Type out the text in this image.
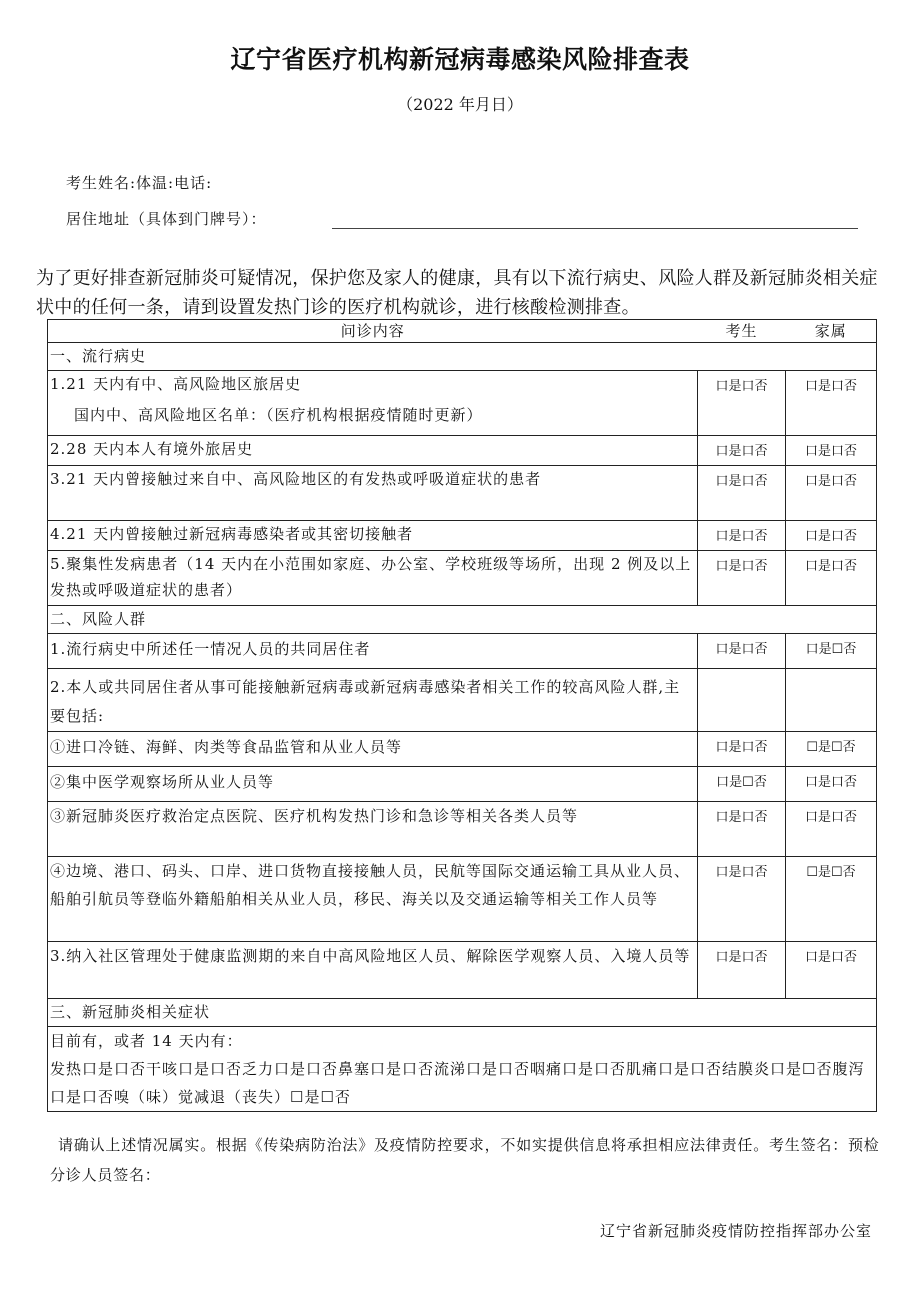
辽宁省医疗机构新冠病毒感染风险排查表
（2022 年月日）
考生姓名:体温:电话:
居住地址（具体到门牌号）：
为了更好排查新冠肺炎可疑情况，保护您及家人的健康，具有以下流行病史、风险人群及新冠肺炎相关症状中的任何一条，请到设置发热门诊的医疗机构就诊，进行核酸检测排查。
问诊内容	考生	家属
一、流行病史		
1.21 天内有中、高风险地区旅居史
国内中、高风险地区名单：（医疗机构根据疫情随时更新）	口是口否	口是口否
2.28 天内本人有境外旅居史	口是口否	口是口否
3.21 天内曾接触过来自中、高风险地区的有发热或呼吸道症状的患者	口是口否	口是口否
4.21 天内曾接触过新冠病毒感染者或其密切接触者	口是口否	口是口否
5.聚集性发病患者（14 天内在小范围如家庭、办公室、学校班级等场所，出现 2 例及以上发热或呼吸道症状的患者）	口是口否	口是口否
二、风险人群		
1.流行病史中所述任一情况人员的共同居住者	口是口否	口是☐否
2.本人或共同居住者从事可能接触新冠病毒或新冠病毒感染者相关工作的较高风险人群,主要包括:		
①进口冷链、海鲜、肉类等食品监管和从业人员等	口是口否	☐是☐否
②集中医学观察场所从业人员等	口是☐否	口是口否
③新冠肺炎医疗救治定点医院、医疗机构发热门诊和急诊等相关各类人员等	口是口否	口是口否
④边境、港口、码头、口岸、进口货物直接接触人员，民航等国际交通运输工具从业人员、船舶引航员等登临外籍船舶相关从业人员，移民、海关以及交通运输等相关工作人员等	口是口否	☐是☐否
3.纳入社区管理处于健康监测期的来自中高风险地区人员、解除医学观察人员、入境人员等	口是口否	口是口否
三、新冠肺炎相关症状		

目前有，或者 14 天内有：
发热口是口否干咳口是口否乏力口是口否鼻塞口是口否流涕口是口否咽痛口是口否肌痛口是口否结膜炎口是☐否腹泻口是口否嗅（味）觉减退（丧失）☐是☐否		
请确认上述情况属实。根据《传染病防治法》及疫情防控要求，不如实提供信息将承担相应法律责任。考生签名：预检分诊人员签名：
辽宁省新冠肺炎疫情防控指挥部办公室
